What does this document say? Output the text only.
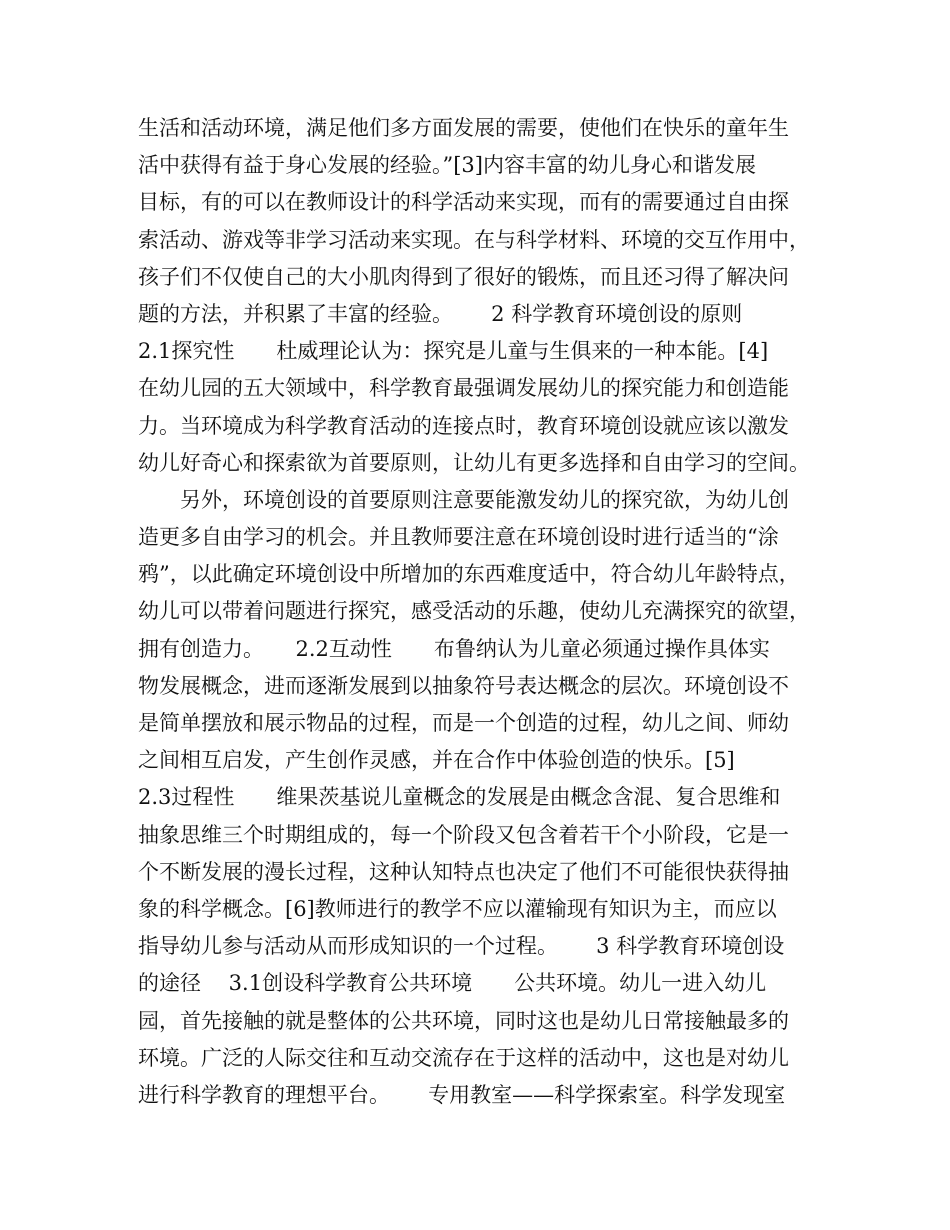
生活和活动环境，满足他们多方面发展的需要，使他们在快乐的童年生
活中获得有益于身心发展的经验。”[3]内容丰富的幼儿身心和谐发展
目标，有的可以在教师设计的科学活动来实现，而有的需要通过自由探
索活动、游戏等非学习活动来实现。在与科学材料、环境的交互作用中，
孩子们不仅使自己的大小肌肉得到了很好的锻炼，而且还习得了解决问
题的方法，并积累了丰富的经验。　　 2 科学教育环境创设的原则
2.1探究性　　杜威理论认为：探究是儿童与生俱来的一种本能。[4]
在幼儿园的五大领域中，科学教育最强调发展幼儿的探究能力和创造能
力。当环境成为科学教育活动的连接点时，教育环境创设就应该以激发
幼儿好奇心和探索欲为首要原则，让幼儿有更多选择和自由学习的空间。
　　另外，环境创设的首要原则注意要能激发幼儿的探究欲，为幼儿创
造更多自由学习的机会。并且教师要注意在环境创设时进行适当的“涂
鸦”，以此确定环境创设中所增加的东西难度适中，符合幼儿年龄特点，
幼儿可以带着问题进行探究，感受活动的乐趣，使幼儿充满探究的欲望，
拥有创造力。　　2.2互动性　　布鲁纳认为儿童必须通过操作具体实
物发展概念，进而逐渐发展到以抽象符号表达概念的层次。环境创设不
是简单摆放和展示物品的过程，而是一个创造的过程，幼儿之间、师幼
之间相互启发，产生创作灵感，并在合作中体验创造的快乐。[5]
2.3过程性　　维果茨基说儿童概念的发展是由概念含混、复合思维和
抽象思维三个时期组成的，每一个阶段又包含着若干个小阶段，它是一
个不断发展的漫长过程，这种认知特点也决定了他们不可能很快获得抽
象的科学概念。[6]教师进行的教学不应以灌输现有知识为主，而应以
指导幼儿参与活动从而形成知识的一个过程。　　 3 科学教育环境创设
的途径　 3.1创设科学教育公共环境　　公共环境。幼儿一进入幼儿
园，首先接触的就是整体的公共环境，同时这也是幼儿日常接触最多的
环境。广泛的人际交往和互动交流存在于这样的活动中，这也是对幼儿
进行科学教育的理想平台。　　 专用教室——科学探索室。科学发现室
